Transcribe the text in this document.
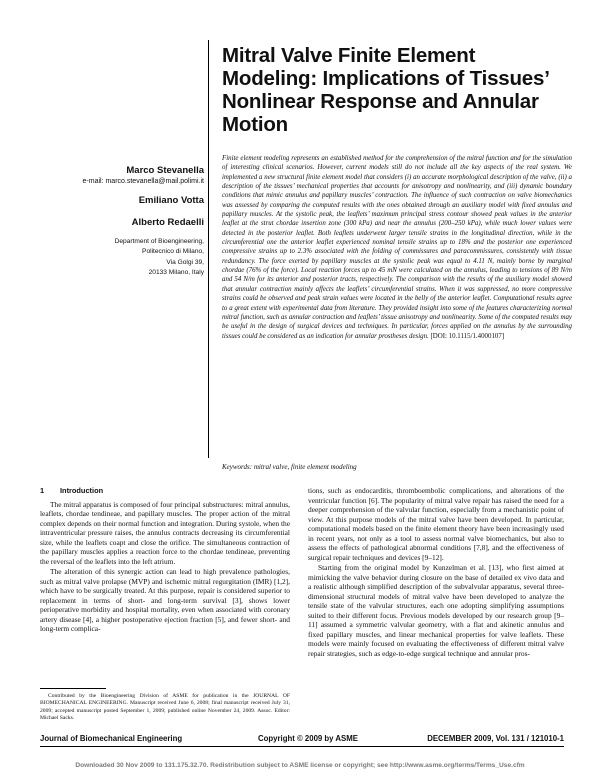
Mitral Valve Finite Element Modeling: Implications of Tissues’ Nonlinear Response and Annular Motion
Marco Stevanella
e-mail: marco.stevanella@mail.polimi.it
Emiliano Votta
Alberto Redaelli
Department of Bioengineering,
Politecnico di Milano,
Via Golgi 39,
20133 Milano, Italy
Finite element modeling represents an established method for the comprehension of the mitral function and for the simulation of interesting clinical scenarios. However, current models still do not include all the key aspects of the real system. We implemented a new structural finite element model that considers (i) an accurate morphological description of the valve, (ii) a description of the tissues’ mechanical properties that accounts for anisotropy and nonlinearity, and (iii) dynamic boundary conditions that mimic annulus and papillary muscles’ contraction. The influence of such contraction on valve biomechanics was assessed by comparing the computed results with the ones obtained through an auxiliary model with fixed annulus and papillary muscles. At the systolic peak, the leaflets’ maximum principal stress contour showed peak values in the anterior leaflet at the strut chordae insertion zone (300 kPa) and near the annulus (200–250 kPa), while much lower values were detected in the posterior leaflet. Both leaflets underwent larger tensile strains in the longitudinal direction, while in the circumferential one the anterior leaflet experienced nominal tensile strains up to 18% and the posterior one experienced compressive strains up to 2.3% associated with the folding of commissures and paracommissures, consistently with tissue redundancy. The force exerted by papillary muscles at the systolic peak was equal to 4.11 N, mainly borne by marginal chordae (76% of the force). Local reaction forces up to 45 mN were calculated on the annulus, leading to tensions of 89 N/m and 54 N/m for its anterior and posterior tracts, respectively. The comparison with the results of the auxiliary model showed that annular contraction mainly affects the leaflets’ circumferential strains. When it was suppressed, no more compressive strains could be observed and peak strain values were located in the belly of the anterior leaflet. Computational results agree to a great extent with experimental data from literature. They provided insight into some of the features characterizing normal mitral function, such as annular contraction and leaflets’ tissue anisotropy and nonlinearity. Some of the computed results may be useful in the design of surgical devices and techniques. In particular, forces applied on the annulus by the surrounding tissues could be considered as an indication for annular prostheses design. [DOI: 10.1115/1.4000107]
Keywords: mitral valve, finite element modeling
1 Introduction

The mitral apparatus is composed of four principal substructures: mitral annulus, leaflets, chordae tendineae, and papillary muscles. The proper action of the mitral complex depends on their normal function and integration. During systole, when the intraventricular pressure raises, the annulus contracts decreasing its circumferential size, while the leaflets coapt and close the orifice. The simultaneous contraction of the papillary muscles applies a reaction force to the chordae tendineae, preventing the reversal of the leaflets into the left atrium.

The alteration of this synergic action can lead to high prevalence pathologies, such as mitral valve prolapse (MVP) and ischemic mitral regurgitation (IMR) [1,2], which have to be surgically treated. At this purpose, repair is considered superior to replacement in terms of short- and long-term survival [3], shows lower perioperative morbidity and hospital mortality, even when associated with coronary artery disease [4], a higher postoperative ejection fraction [5], and fewer short- and long-term complica-

tions, such as endocarditis, thromboembolic complications, and alterations of the ventricular function [6]. The popularity of mitral valve repair has raised the need for a deeper comprehension of the valvular function, especially from a mechanistic point of view. At this purpose models of the mitral valve have been developed. In particular, computational models based on the finite element theory have been increasingly used in recent years, not only as a tool to assess normal valve biomechanics, but also to assess the effects of pathological abnormal conditions [7,8], and the effectiveness of surgical repair techniques and devices [9–12].

Starting from the original model by Kunzelman et al. [13], who first aimed at mimicking the valve behavior during closure on the base of detailed ex vivo data and a realistic although simplified description of the subvalvular apparatus, several three-dimensional structural models of mitral valve have been developed to analyze the tensile state of the valvular structures, each one adopting simplifying assumptions suited to their different focus. Previous models developed by our research group [9–11] assumed a symmetric valvular geometry, with a flat and akinetic annulus and fixed papillary muscles, and linear mechanical properties for valve leaflets. These models were mainly focused on evaluating the effectiveness of different mitral valve repair strategies, such as edge-to-edge surgical technique and annular pros-

Contributed by the Bioengineering Division of ASME for publication in the JOURNAL OF BIOMECHANICAL ENGINEERING. Manuscript received June 6, 2008; final manuscript received July 31, 2009; accepted manuscript posted September 1, 2009; published online November 24, 2009. Assoc. Editor: Michael Sacks.
Journal of Biomechanical Engineering	Copyright © 2009 by ASME	DECEMBER 2009, Vol. 131 / 121010-1
Downloaded 30 Nov 2009 to 131.175.32.70. Redistribution subject to ASME license or copyright; see http://www.asme.org/terms/Terms_Use.cfm
